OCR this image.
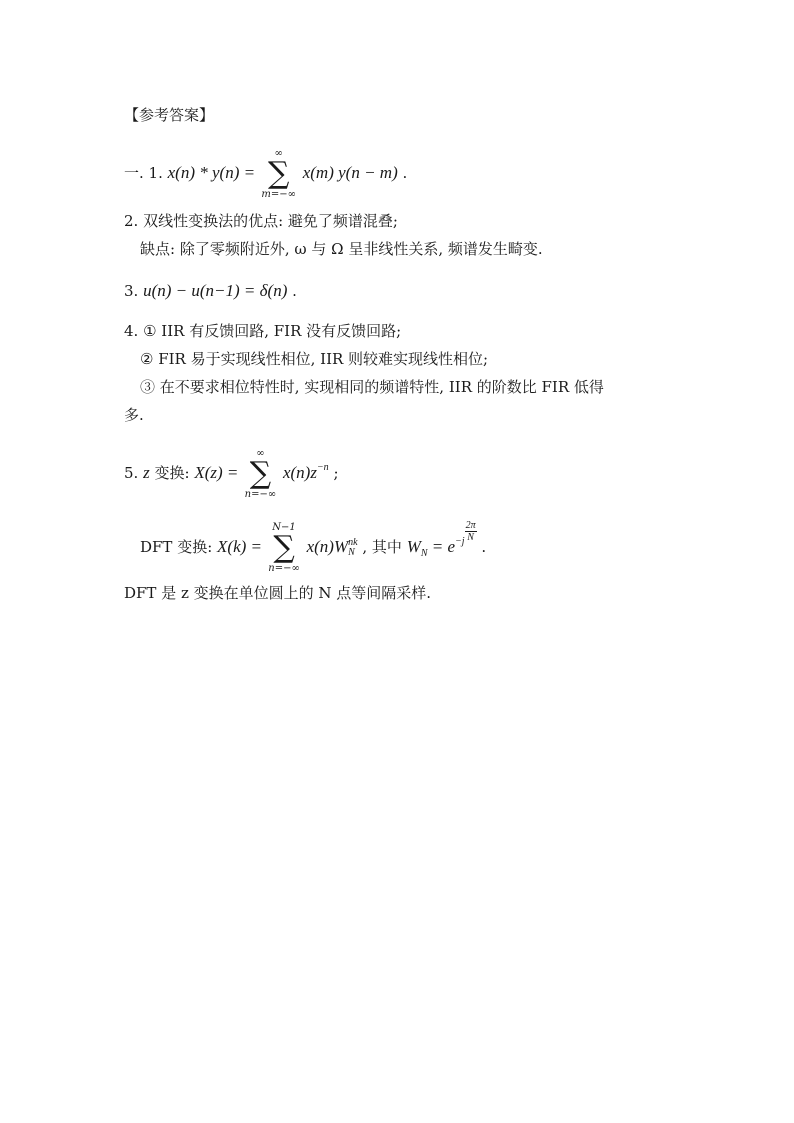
【参考答案】
一. 1. x(n) * y(n) =
∞
∑
m=−∞
x(m) y(n − m) .
2. 双线性变换法的优点: 避免了频谱混叠;
缺点: 除了零频附近外, ω 与 Ω 呈非线性关系, 频谱发生畸变.
3. u(n) − u(n−1) = δ(n) .
4. ① IIR 有反馈回路, FIR 没有反馈回路;
② FIR 易于实现线性相位, IIR 则较难实现线性相位;
③ 在不要求相位特性时, 实现相同的频谱特性, IIR 的阶数比 FIR 低得
多.
5. z 变换: X(z) =
∞
∑
n=−∞
$x(n)z^{-n}$ ;
DFT 变换: X(k) =
N−1
∑
n=−∞
x(n)W nk
N , 其中 $W_N = e^{-j} \frac{2\pi}{N}$
.
DFT 是 z 变换在单位圆上的 N 点等间隔采样.
